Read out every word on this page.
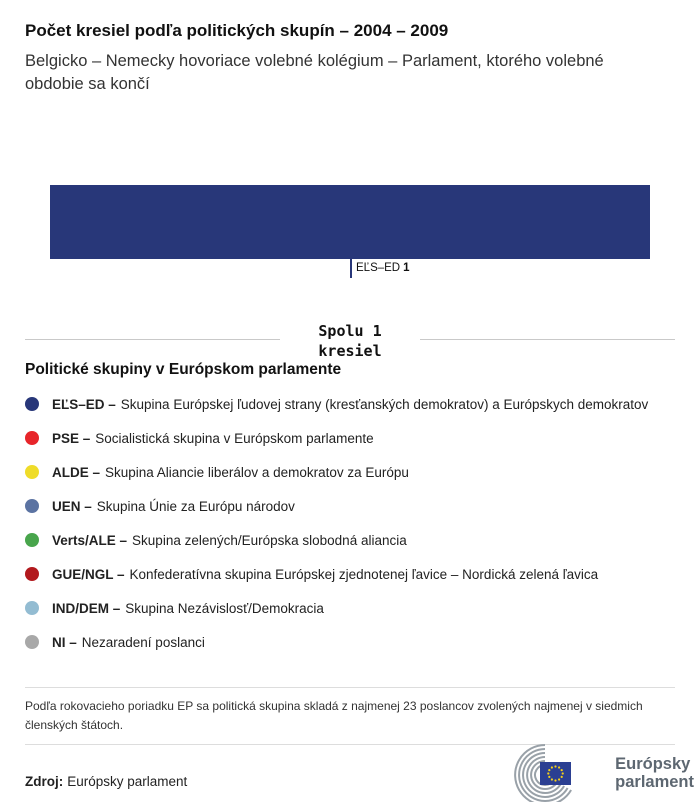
Počet kresiel podľa politických skupín – 2004 – 2009
Belgicko – Nemecky hovoriace volebné kolégium – Parlament, ktorého volebné obdobie sa končí
EĽS–ED 1
Spolu 1
kresiel
Politické skupiny v Európskom parlamente
EĽS–ED – Skupina Európskej ľudovej strany (kresťanských demokratov) a Európskych demokratov
PSE – Socialistická skupina v Európskom parlamente
ALDE – Skupina Aliancie liberálov a demokratov za Európu
UEN – Skupina Únie za Európu národov
Verts/ALE – Skupina zelených/Európska slobodná aliancia
GUE/NGL – Konfederatívna skupina Európskej zjednotenej ľavice – Nordická zelená ľavica
IND/DEM – Skupina Nezávislosť/Demokracia
NI – Nezaradení poslanci
Podľa rokovacieho poriadku EP sa politická skupina skladá z najmenej 23 poslancov zvolených najmenej v siedmich členských štátoch.
Zdroj: Európsky parlament
Európsky
parlament
